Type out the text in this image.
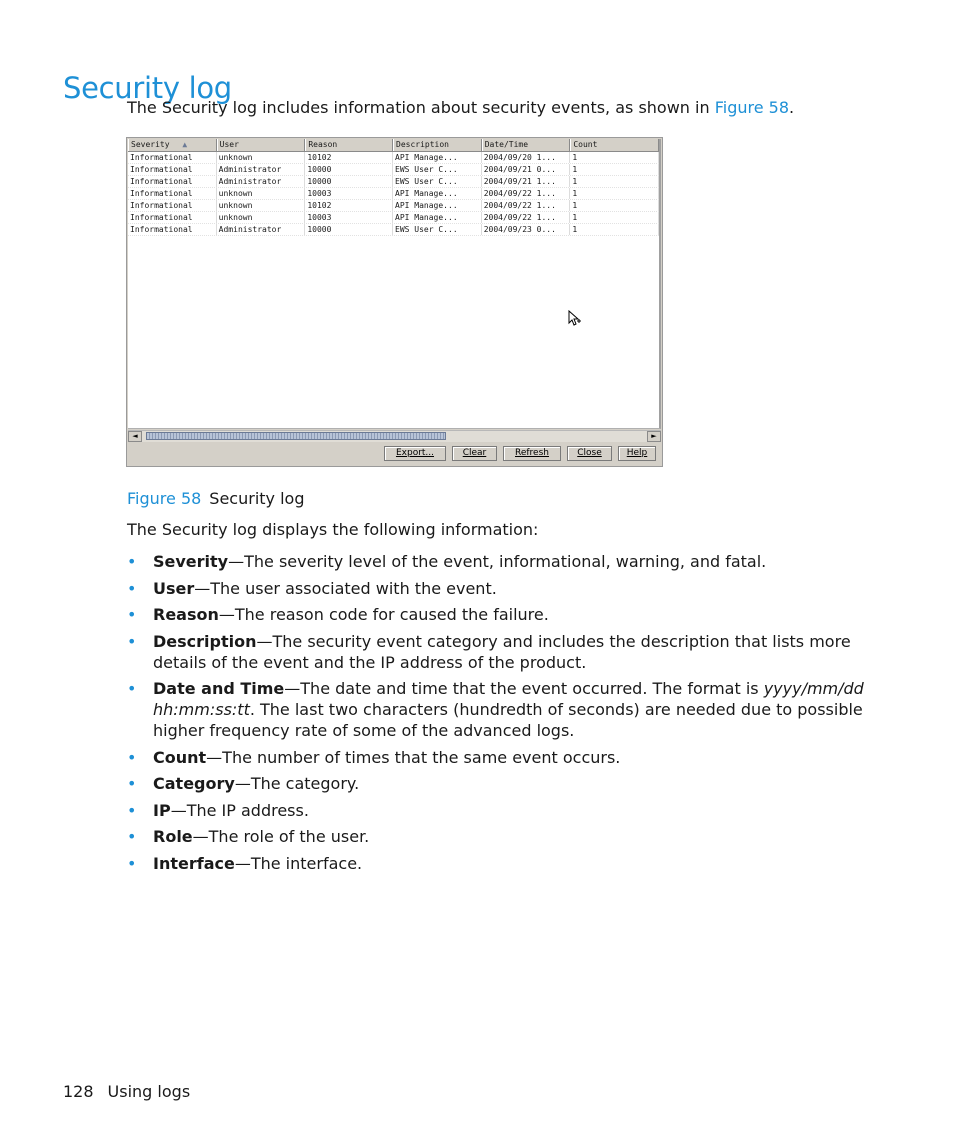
Security log

The Security log includes information about security events, as shown in Figure 58.

Severity ▲	User	Reason	Description	Date/Time	Count
Informational	unknown	10102	API Manage...	2004/09/20 1...	1
Informational	Administrator	10000	EWS User C...	2004/09/21 0...	1
Informational	Administrator	10000	EWS User C...	2004/09/21 1...	1
Informational	unknown	10003	API Manage...	2004/09/22 1...	1
Informational	unknown	10102	API Manage...	2004/09/22 1...	1
Informational	unknown	10003	API Manage...	2004/09/22 1...	1
Informational	Administrator	10000	EWS User C...	2004/09/23 0...	1
◄	►
Export...	Clear	Refresh	Close	Help

Figure 58 Security log

The Security log displays the following information:

• Severity—The severity level of the event, informational, warning, and fatal.
• User—The user associated with the event.
• Reason—The reason code for caused the failure.
• Description—The security event category and includes the description that lists more details of the event and the IP address of the product.
• Date and Time—The date and time that the event occurred. The format is yyyy/mm/dd hh:mm:ss:tt. The last two characters (hundredth of seconds) are needed due to possible higher frequency rate of some of the advanced logs.
• Count—The number of times that the same event occurs.
• Category—The category.
• IP—The IP address.
• Role—The role of the user.
• Interface—The interface.
128 Using logs
